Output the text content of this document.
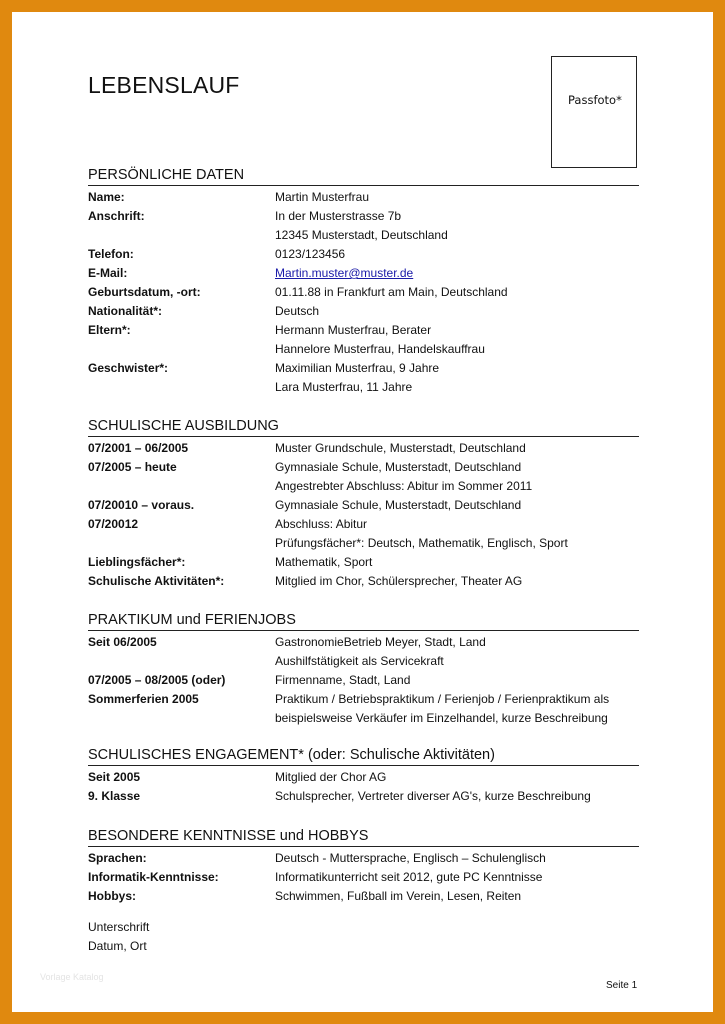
LEBENSLAUF
Passfoto*
PERSÖNLICHE DATEN
Name:	Martin Musterfrau
Anschrift:	In der Musterstrasse 7b
12345 Musterstadt, Deutschland
Telefon:	0123/123456
E-Mail:	Martin.muster@muster.de
Geburtsdatum, -ort:	01.11.88 in Frankfurt am Main, Deutschland
Nationalität*:	Deutsch
Eltern*:	Hermann Musterfrau, Berater
Hannelore Musterfrau, Handelskauffrau
Geschwister*:	Maximilian Musterfrau, 9 Jahre
Lara Musterfrau, 11 Jahre
SCHULISCHE AUSBILDUNG
07/2001 – 06/2005	Muster Grundschule, Musterstadt, Deutschland
07/2005 – heute	Gymnasiale Schule, Musterstadt, Deutschland
Angestrebter Abschluss: Abitur im Sommer 2011
07/20010 – voraus.	Gymnasiale Schule, Musterstadt, Deutschland
07/20012	Abschluss: Abitur
Prüfungsfächer*: Deutsch, Mathematik, Englisch, Sport
Lieblingsfächer*:	Mathematik, Sport
Schulische Aktivitäten*:	Mitglied im Chor, Schülersprecher, Theater AG
PRAKTIKUM und FERIENJOBS
Seit 06/2005	GastronomieBetrieb Meyer, Stadt, Land
Aushilfstätigkeit als Servicekraft
07/2005 – 08/2005 (oder)	Firmenname, Stadt, Land
Sommerferien 2005	Praktikum / Betriebspraktikum / Ferienjob / Ferienpraktikum als
beispielsweise Verkäufer im Einzelhandel, kurze Beschreibung
SCHULISCHES ENGAGEMENT* (oder: Schulische Aktivitäten)
Seit 2005	Mitglied der Chor AG
9. Klasse	Schulsprecher, Vertreter diverser AG's, kurze Beschreibung
BESONDERE KENNTNISSE und HOBBYS
Sprachen:	Deutsch - Muttersprache, Englisch – Schulenglisch
Informatik-Kenntnisse:	Informatikunterricht seit 2012, gute PC Kenntnisse
Hobbys:	Schwimmen, Fußball im Verein, Lesen, Reiten
Unterschrift
Datum, Ort
Vorlage Katalog
Seite 1
